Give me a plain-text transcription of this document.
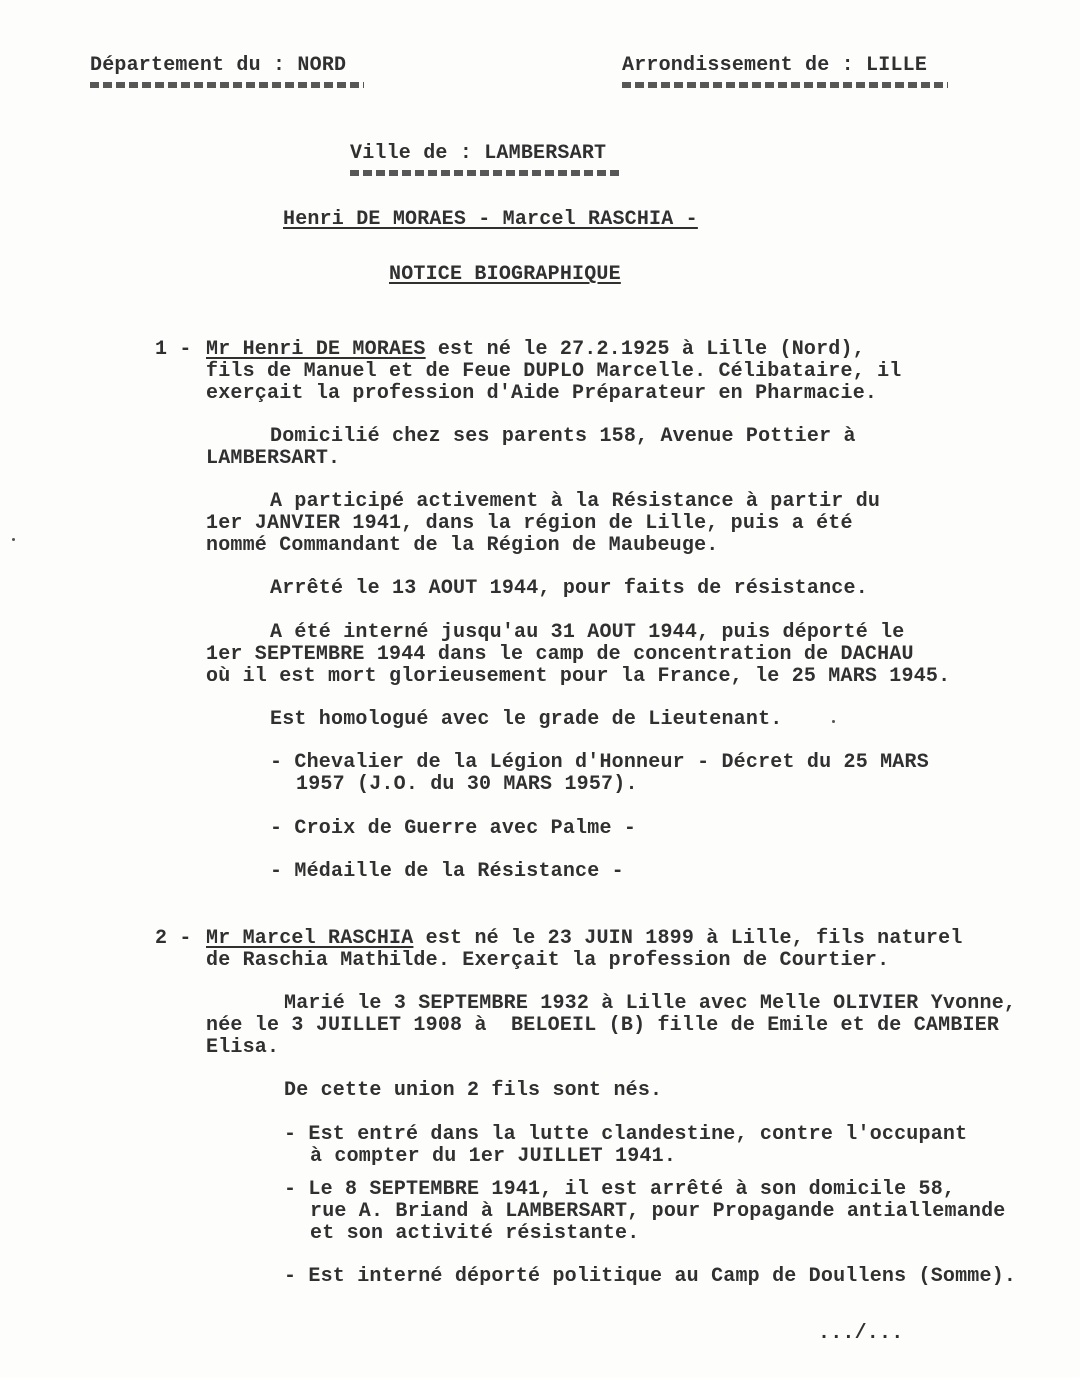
Département du : NORD	Arrondissement de : LILLE
Ville de : LAMBERSART
Henri DE MORAES - Marcel RASCHIA -
NOTICE BIOGRAPHIQUE
1 - Mr Henri DE MORAES est né le 27.2.1925 à Lille (Nord),
fils de Manuel et de Feue DUPLO Marcelle. Célibataire, il
exerçait la profession d'Aide Préparateur en Pharmacie.
Domicilié chez ses parents 158, Avenue Pottier à
LAMBERSART.
A participé activement à la Résistance à partir du
1er JANVIER 1941, dans la région de Lille, puis a été
nommé Commandant de la Région de Maubeuge.
Arrêté le 13 AOUT 1944, pour faits de résistance.
A été interné jusqu'au 31 AOUT 1944, puis déporté le
1er SEPTEMBRE 1944 dans le camp de concentration de DACHAU
où il est mort glorieusement pour la France, le 25 MARS 1945.
Est homologué avec le grade de Lieutenant.
- Chevalier de la Légion d'Honneur - Décret du 25 MARS
1957 (J.O. du 30 MARS 1957).
- Croix de Guerre avec Palme -
- Médaille de la Résistance -
2 - Mr Marcel RASCHIA est né le 23 JUIN 1899 à Lille, fils naturel
de Raschia Mathilde. Exerçait la profession de Courtier.
Marié le 3 SEPTEMBRE 1932 à Lille avec Melle OLIVIER Yvonne,
née le 3 JUILLET 1908 à  BELOEIL (B) fille de Emile et de CAMBIER
Elisa.
De cette union 2 fils sont nés.
- Est entré dans la lutte clandestine, contre l'occupant
à compter du 1er JUILLET 1941.
- Le 8 SEPTEMBRE 1941, il est arrêté à son domicile 58,
rue A. Briand à LAMBERSART, pour Propagande antiallemande
et son activité résistante.
- Est interné déporté politique au Camp de Doullens (Somme).
.../...
